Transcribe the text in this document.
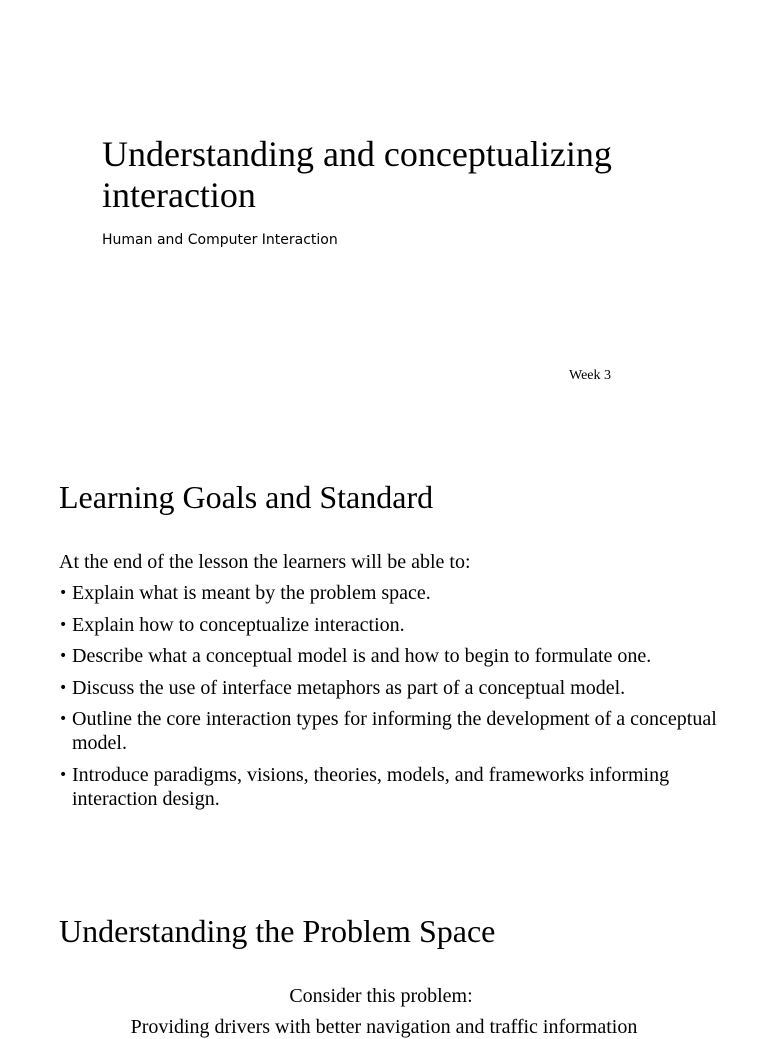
Understanding and conceptualizing interaction

Human and Computer Interaction

Week 3
Learning Goals and Standard

At the end of the lesson the learners will be able to:

• Explain what is meant by the problem space.
• Explain how to conceptualize interaction.
• Describe what a conceptual model is and how to begin to formulate one.
• Discuss the use of interface metaphors as part of a conceptual model.
• Outline the core interaction types for informing the development of a conceptual model.
• Introduce paradigms, visions, theories, models, and frameworks informing interaction design.
Understanding the Problem Space

Consider this problem:

Providing drivers with better navigation and traffic information
